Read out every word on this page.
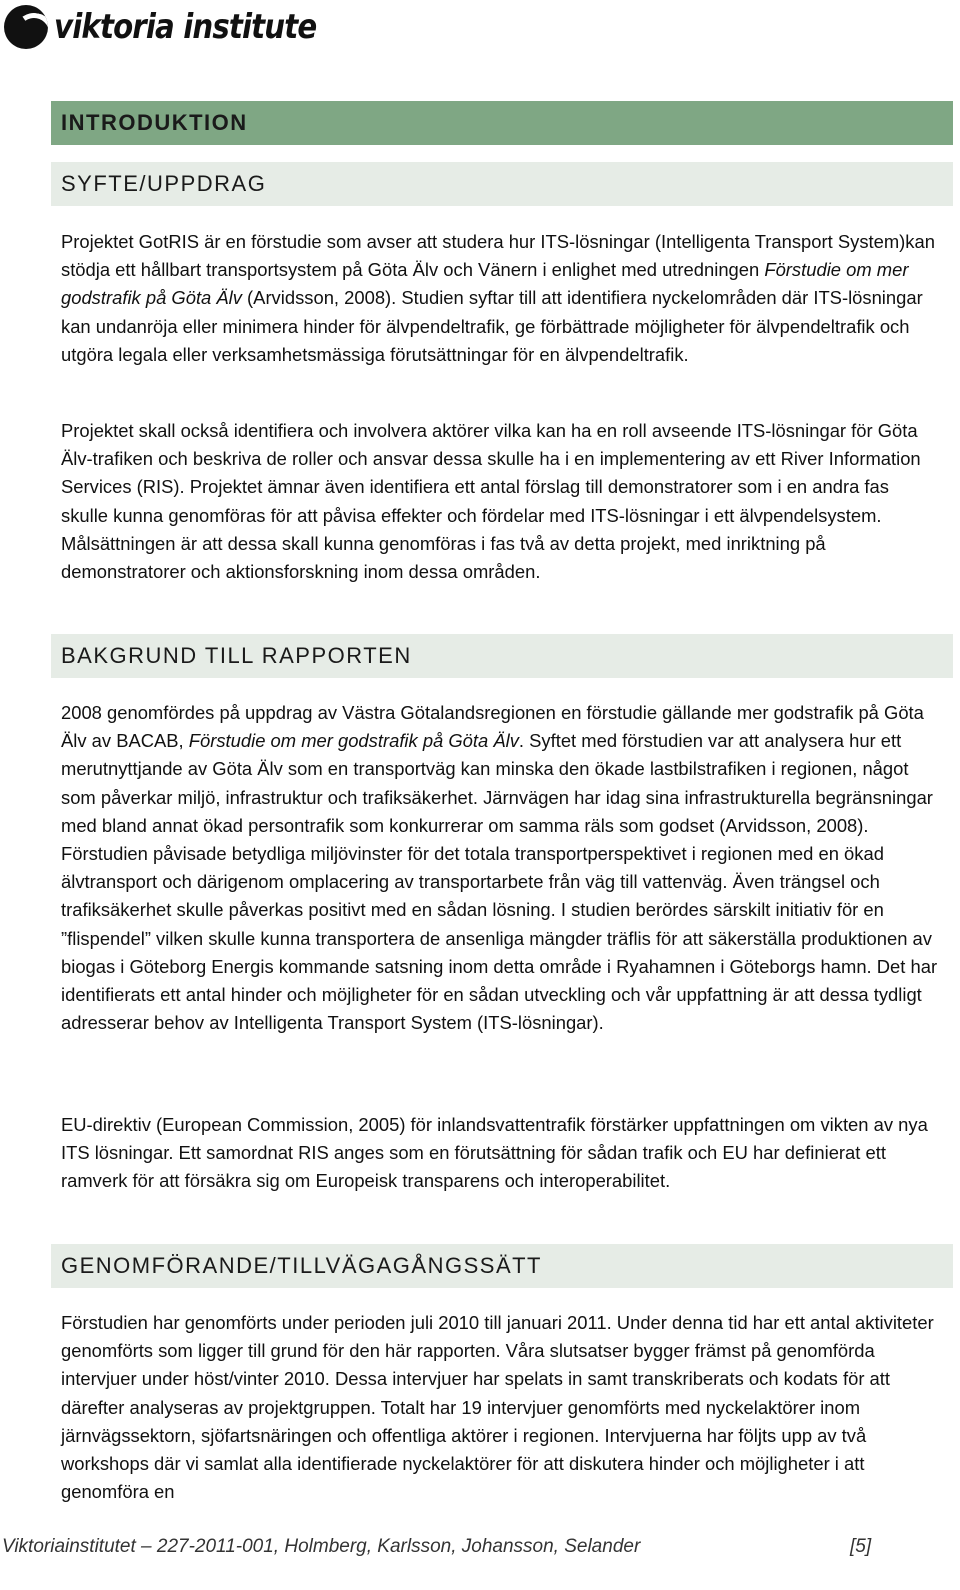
viktoria institute
INTRODUKTION
SYFTE/UPPDRAG

Projektet GotRIS är en förstudie som avser att studera hur ITS-lösningar (Intelligenta Transport System)kan stödja ett hållbart transportsystem på Göta Älv och Vänern i enlighet med utredningen Förstudie om mer godstrafik på Göta Älv (Arvidsson, 2008). Studien syftar till att identifiera nyckelområden där ITS-lösningar kan undanröja eller minimera hinder för älvpendeltrafik, ge förbättrade möjligheter för älvpendeltrafik och utgöra legala eller verksamhetsmässiga förutsättningar för en älvpendeltrafik.

Projektet skall också identifiera och involvera aktörer vilka kan ha en roll avseende ITS-lösningar för Göta Älv-trafiken och beskriva de roller och ansvar dessa skulle ha i en implementering av ett River Information Services (RIS). Projektet ämnar även identifiera ett antal förslag till demonstratorer som i en andra fas skulle kunna genomföras för att påvisa effekter och fördelar med ITS-lösningar i ett älvpendelsystem. Målsättningen är att dessa skall kunna genomföras i fas två av detta projekt, med inriktning på demonstratorer och aktionsforskning inom dessa områden.

BAKGRUND TILL RAPPORTEN

2008 genomfördes på uppdrag av Västra Götalandsregionen en förstudie gällande mer godstrafik på Göta Älv av BACAB, Förstudie om mer godstrafik på Göta Älv. Syftet med förstudien var att analysera hur ett merutnyttjande av Göta Älv som en transportväg kan minska den ökade lastbilstrafiken i regionen, något som påverkar miljö, infrastruktur och trafiksäkerhet. Järnvägen har idag sina infrastrukturella begränsningar med bland annat ökad persontrafik som konkurrerar om samma räls som godset (Arvidsson, 2008). Förstudien påvisade betydliga miljövinster för det totala transportperspektivet i regionen med en ökad älvtransport och därigenom omplacering av transportarbete från väg till vattenväg. Även trängsel och trafiksäkerhet skulle påverkas positivt med en sådan lösning. I studien berördes särskilt initiativ för en ”flispendel” vilken skulle kunna transportera de ansenliga mängder träflis för att säkerställa produktionen av biogas i Göteborg Energis kommande satsning inom detta område i Ryahamnen i Göteborgs hamn. Det har identifierats ett antal hinder och möjligheter för en sådan utveckling och vår uppfattning är att dessa tydligt adresserar behov av Intelligenta Transport System (ITS-lösningar).

EU-direktiv (European Commission, 2005) för inlandsvattentrafik förstärker uppfattningen om vikten av nya ITS lösningar. Ett samordnat RIS anges som en förutsättning för sådan trafik och EU har definierat ett ramverk för att försäkra sig om Europeisk transparens och interoperabilitet.

GENOMFÖRANDE/TILLVÄGAGÅNGSSÄTT

Förstudien har genomförts under perioden juli 2010 till januari 2011. Under denna tid har ett antal aktiviteter genomförts som ligger till grund för den här rapporten. Våra slutsatser bygger främst på genomförda intervjuer under höst/vinter 2010. Dessa intervjuer har spelats in samt transkriberats och kodats för att därefter analyseras av projektgruppen. Totalt har 19 intervjuer genomförts med nyckelaktörer inom järnvägssektorn, sjöfartsnäringen och offentliga aktörer i regionen. Intervjuerna har följts upp av två workshops där vi samlat alla identifierade nyckelaktörer för att diskutera hinder och möjligheter i att genomföra en

Viktoriainstitutet – 227-2011-001, Holmberg, Karlsson, Johansson, Selander	[5]
